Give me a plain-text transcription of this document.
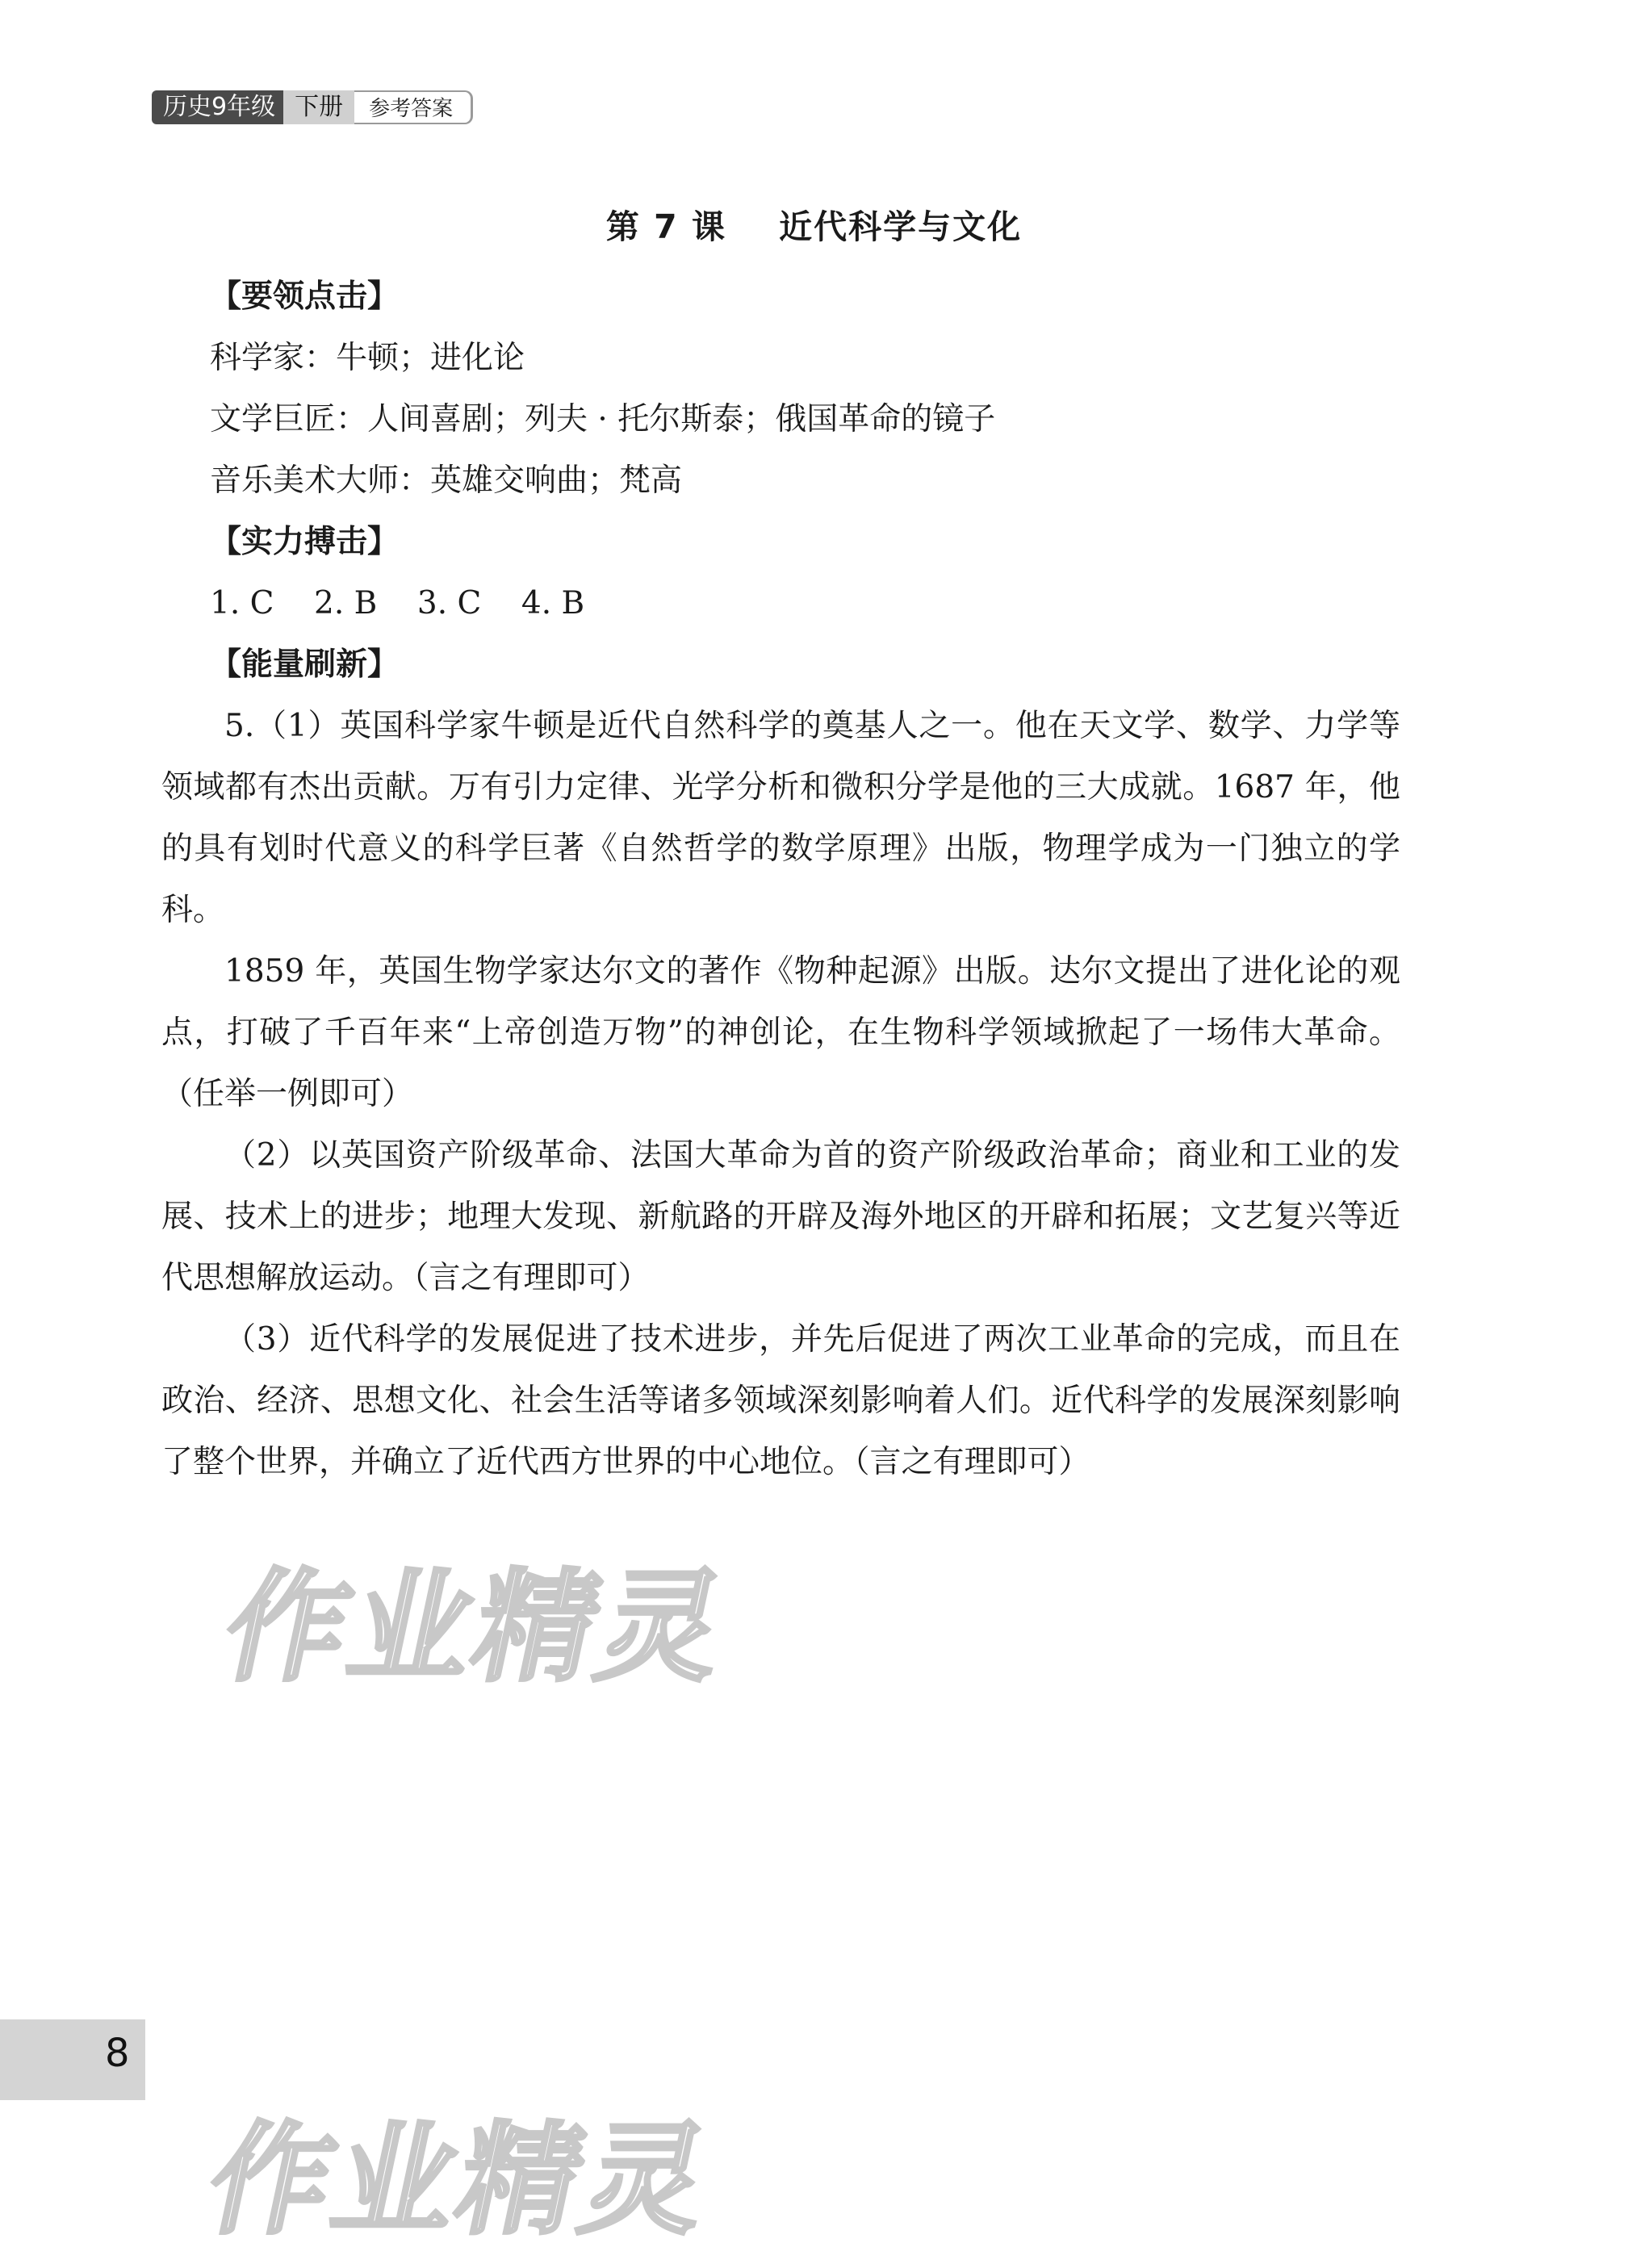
历史9年级 下册	参考答案
第 7 课    近代科学与文化
【要领点击】
科学家：牛顿；进化论
文学巨匠：人间喜剧；列夫 · 托尔斯泰；俄国革命的镜子
音乐美术大师：英雄交响曲；梵高
【实力搏击】
1. C    2. B    3. C    4. B
【能量刷新】

5.（1）英国科学家牛顿是近代自然科学的奠基人之一。他在天文学、数学、力学等领域都有杰出贡献。万有引力定律、光学分析和微积分学是他的三大成就。1687 年，他的具有划时代意义的科学巨著《自然哲学的数学原理》出版，物理学成为一门独立的学科。

1859 年，英国生物学家达尔文的著作《物种起源》出版。达尔文提出了进化论的观点，打破了千百年来“上帝创造万物”的神创论，在生物科学领域掀起了一场伟大革命。（任举一例即可）

（2）以英国资产阶级革命、法国大革命为首的资产阶级政治革命；商业和工业的发展、技术上的进步；地理大发现、新航路的开辟及海外地区的开辟和拓展；文艺复兴等近代思想解放运动。（言之有理即可）

（3）近代科学的发展促进了技术进步，并先后促进了两次工业革命的完成，而且在政治、经济、思想文化、社会生活等诸多领域深刻影响着人们。近代科学的发展深刻影响了整个世界，并确立了近代西方世界的中心地位。（言之有理即可）

作业精灵
作业精灵
8
